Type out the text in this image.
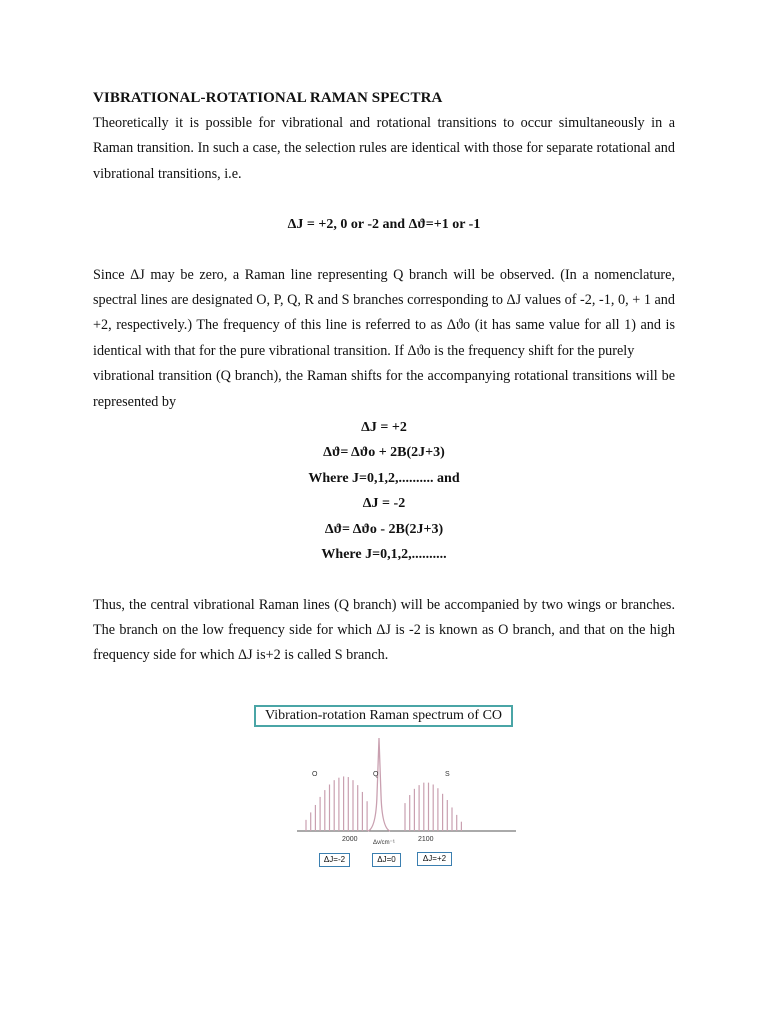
VIBRATIONAL-ROTATIONAL RAMAN SPECTRA

Theoretically it is possible for vibrational and rotational transitions to occur simultaneously in a Raman transition. In such a case, the selection rules are identical with those for separate rotational and vibrational transitions, i.e.

ΔJ = +2, 0 or -2 and Δϑ=+1 or -1

Since ΔJ may be zero, a Raman line representing Q branch will be observed. (In a nomenclature, spectral lines are designated O, P, Q, R and S branches corresponding to ΔJ values of -2, -1, 0, + 1 and +2, respectively.) The frequency of this line is referred to as Δϑo (it has same value for all 1) and is identical with that for the pure vibrational transition. If Δϑo is the frequency shift for the purely

vibrational transition (Q branch), the Raman shifts for the accompanying rotational transitions will be represented by

ΔJ = +2

Δϑ= Δϑo + 2B(2J+3)

Where J=0,1,2,.......... and

ΔJ = -2

Δϑ= Δϑo - 2B(2J+3)

Where J=0,1,2,..........

Thus, the central vibrational Raman lines (Q branch) will be accompanied by two wings or branches. The branch on the low frequency side for which ΔJ is -2 is known as O branch, and that on the high frequency side for which ΔJ is+2 is called S branch.

Vibration-rotation Raman spectrum of CO
O	Q	S
2000	2100
Δν/cm⁻¹
ΔJ=-2	ΔJ=0	ΔJ=+2
